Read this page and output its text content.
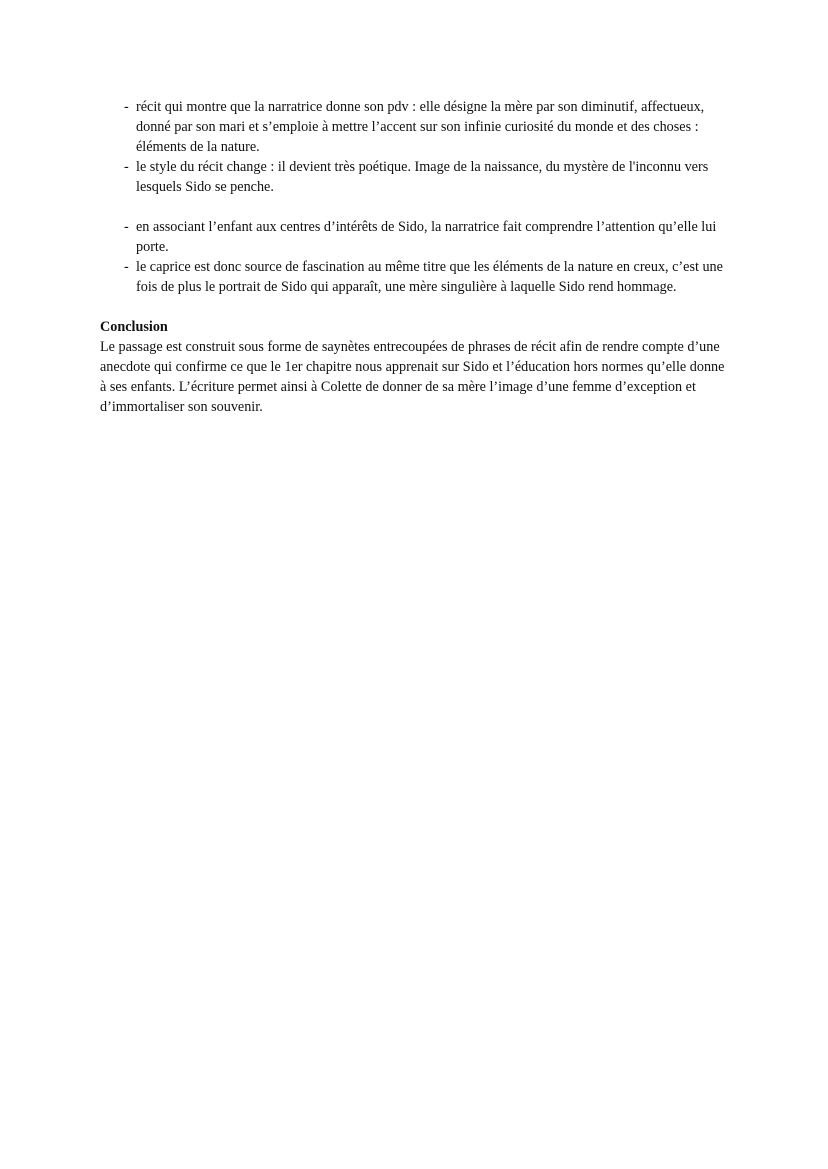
- récit qui montre que la narratrice donne son pdv : elle désigne la mère par son diminutif, affectueux, donné par son mari et s’emploie à mettre l’accent sur son infinie curiosité du monde et des choses : éléments de la nature.
- le style du récit change : il devient très poétique. Image de la naissance, du mystère de l'inconnu vers lesquels Sido se penche.
- en associant l’enfant aux centres d’intérêts de Sido, la narratrice fait comprendre l’attention qu’elle lui porte.
- le caprice est donc source de fascination au même titre que les éléments de la nature en creux, c’est une fois de plus le portrait de Sido qui apparaît, une mère singulière à laquelle Sido rend hommage.

Conclusion

Le passage est construit sous forme de saynètes entrecoupées de phrases de récit afin de rendre compte d’une anecdote qui confirme ce que le 1er chapitre nous apprenait sur Sido et l’éducation hors normes qu’elle donne à ses enfants. L’écriture permet ainsi à Colette de donner de sa mère l’image d’une femme d’exception et d’immortaliser son souvenir.
